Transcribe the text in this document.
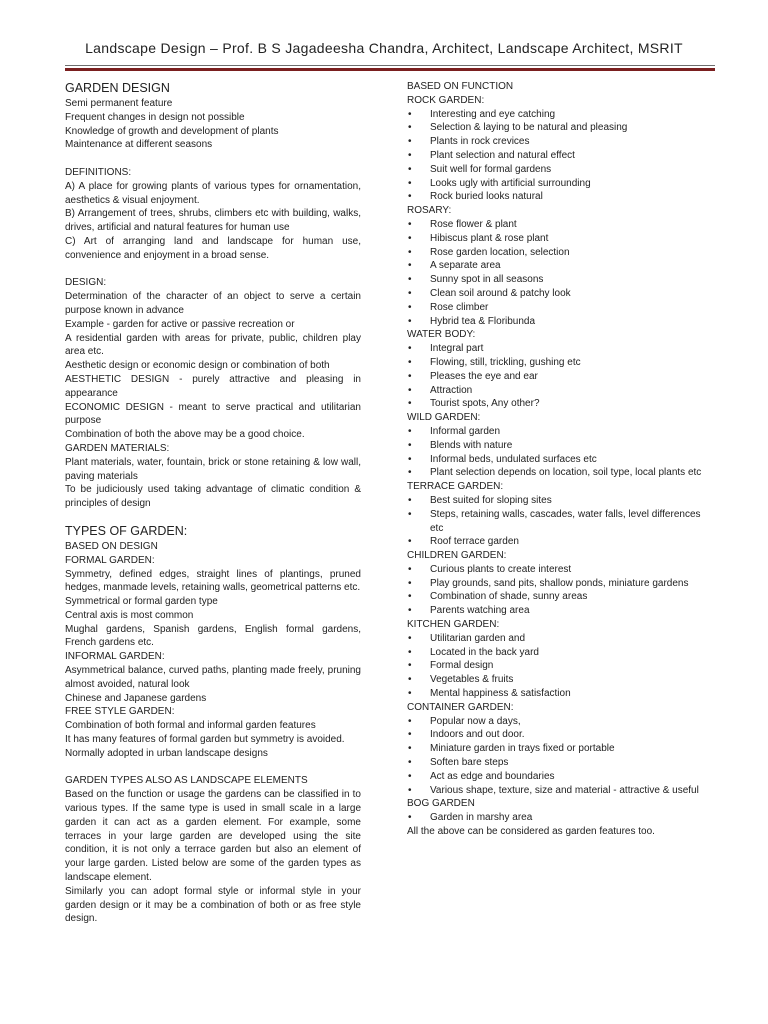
Landscape Design – Prof. B S Jagadeesha Chandra, Architect, Landscape Architect, MSRIT

GARDEN DESIGN

Semi permanent feature

Frequent changes in design not possible

Knowledge of growth and development of plants

Maintenance at different seasons

DEFINITIONS:

A) A place for growing plants of various types for ornamentation, aesthetics & visual enjoyment.

B) Arrangement of trees, shrubs, climbers etc with building, walks, drives, artificial and natural features for human use

C) Art of arranging land and landscape for human use, convenience and enjoyment in a broad sense.

DESIGN:

Determination of the character of an object to serve a certain purpose known in advance

Example - garden for active or passive recreation or

A residential garden with areas for private, public, children play area etc.

Aesthetic design or economic design or combination of both

AESTHETIC DESIGN - purely attractive and pleasing in appearance

ECONOMIC DESIGN - meant to serve practical and utilitarian purpose

Combination of both the above may be a good choice.

GARDEN MATERIALS:

Plant materials, water, fountain, brick or stone retaining & low wall, paving materials

To be judiciously used taking advantage of climatic condition & principles of design

TYPES OF GARDEN:

BASED ON DESIGN

FORMAL GARDEN:

Symmetry, defined edges, straight lines of plantings, pruned hedges, manmade levels, retaining walls, geometrical patterns etc.

Symmetrical or formal garden type

Central axis is most common

Mughal gardens, Spanish gardens, English formal gardens, French gardens etc.

INFORMAL GARDEN:

Asymmetrical balance, curved paths, planting made freely, pruning almost avoided, natural look

Chinese and Japanese gardens

FREE STYLE GARDEN:

Combination of both formal and informal garden features

It has many features of formal garden but symmetry is avoided.

Normally adopted in urban landscape designs

GARDEN TYPES ALSO AS LANDSCAPE ELEMENTS

Based on the function or usage the gardens can be classified in to various types. If the same type is used in small scale in a large garden it can act as a garden element. For example, some terraces in your large garden are developed using the site condition, it is not only a terrace garden but also an element of your large garden. Listed below are some of the garden types as landscape element.

Similarly you can adopt formal style or informal style in your garden design or it may be a combination of both or as free style design.

BASED ON FUNCTION

ROCK GARDEN:

• Interesting and eye catching
• Selection & laying to be natural and pleasing
• Plants in rock crevices
• Plant selection and natural effect
• Suit well for formal gardens
• Looks ugly with artificial surrounding
• Rock buried looks natural

ROSARY:

• Rose flower & plant
• Hibiscus plant & rose plant
• Rose garden location, selection
• A separate area
• Sunny spot in all seasons
• Clean soil around & patchy look
• Rose climber
• Hybrid tea & Floribunda

WATER BODY:

• Integral part
• Flowing, still, trickling, gushing etc
• Pleases the eye and ear
• Attraction
• Tourist spots, Any other?

WILD GARDEN:

• Informal garden
• Blends with nature
• Informal beds, undulated surfaces etc
• Plant selection depends on location, soil type, local plants etc

TERRACE GARDEN:

• Best suited for sloping sites
• Steps, retaining walls, cascades, water falls, level differences etc
• Roof terrace garden

CHILDREN GARDEN:

• Curious plants to create interest
• Play grounds, sand pits, shallow ponds, miniature gardens
• Combination of shade, sunny areas
• Parents watching area

KITCHEN GARDEN:

• Utilitarian garden and
• Located in the back yard
• Formal design
• Vegetables & fruits
• Mental happiness & satisfaction

CONTAINER GARDEN:

• Popular now a days,
• Indoors and out door.
• Miniature garden in trays fixed or portable
• Soften bare steps
• Act as edge and boundaries
• Various shape, texture, size and material - attractive & useful

BOG GARDEN

• Garden in marshy area

All the above can be considered as garden features too.
